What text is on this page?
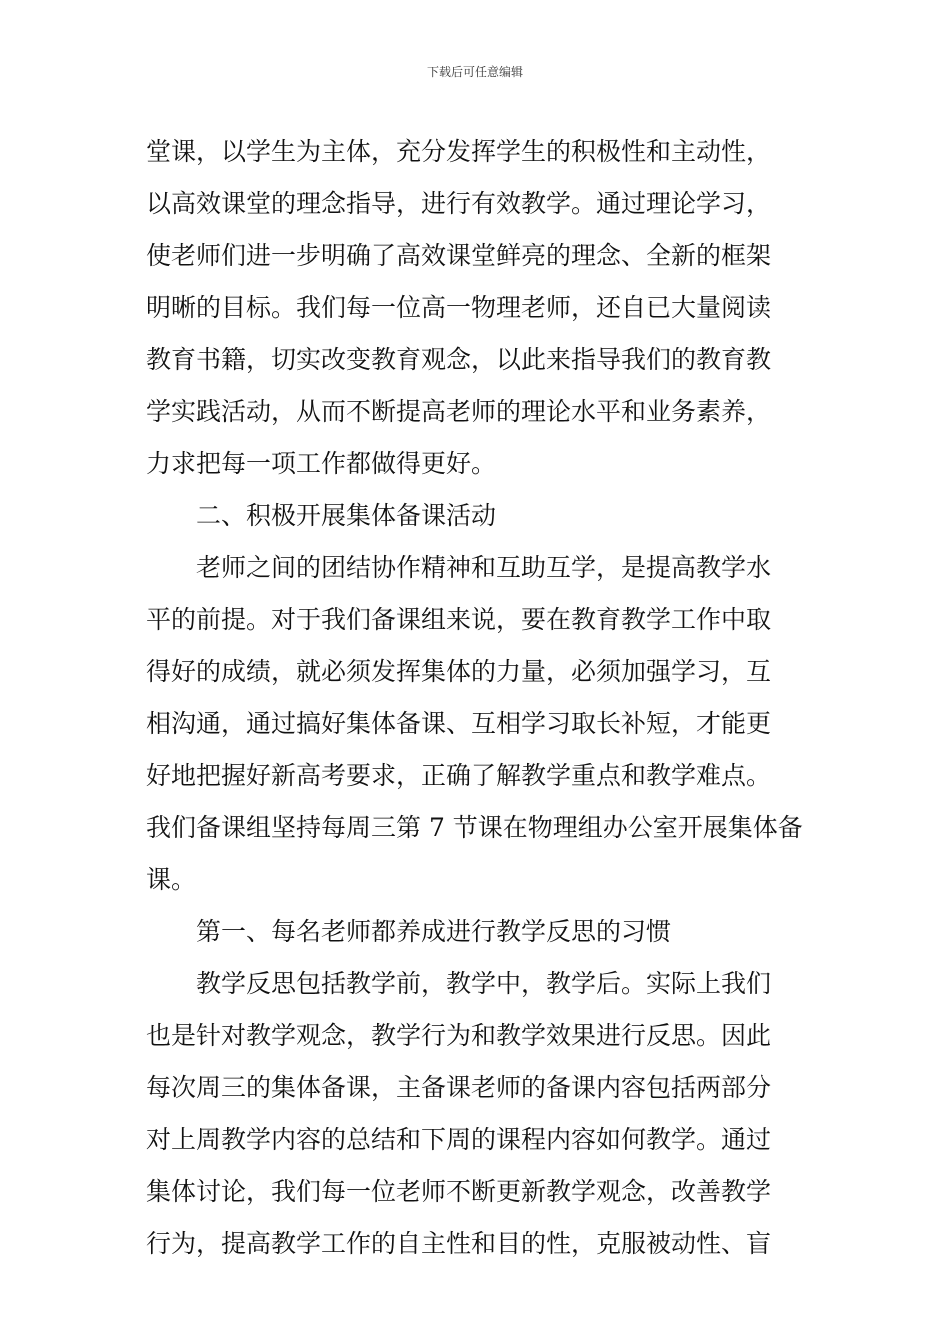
下载后可任意编辑
堂课，以学生为主体，充分发挥学生的积极性和主动性，
以高效课堂的理念指导，进行有效教学。通过理论学习，
使老师们进一步明确了高效课堂鲜亮的理念、全新的框架
明晰的目标。我们每一位高一物理老师，还自已大量阅读
教育书籍，切实改变教育观念，以此来指导我们的教育教
学实践活动，从而不断提高老师的理论水平和业务素养，
力求把每一项工作都做得更好。
二、积极开展集体备课活动
老师之间的团结协作精神和互助互学，是提高教学水
平的前提。对于我们备课组来说，要在教育教学工作中取
得好的成绩，就必须发挥集体的力量，必须加强学习，互
相沟通，通过搞好集体备课、互相学习取长补短，才能更
好地把握好新高考要求，正确了解教学重点和教学难点。
我们备课组坚持每周三第 7 节课在物理组办公室开展集体备
课。
第一、每名老师都养成进行教学反思的习惯
教学反思包括教学前，教学中，教学后。实际上我们
也是针对教学观念，教学行为和教学效果进行反思。因此
每次周三的集体备课，主备课老师的备课内容包括两部分
对上周教学内容的总结和下周的课程内容如何教学。通过
集体讨论，我们每一位老师不断更新教学观念，改善教学
行为，提高教学工作的自主性和目的性，克服被动性、盲
